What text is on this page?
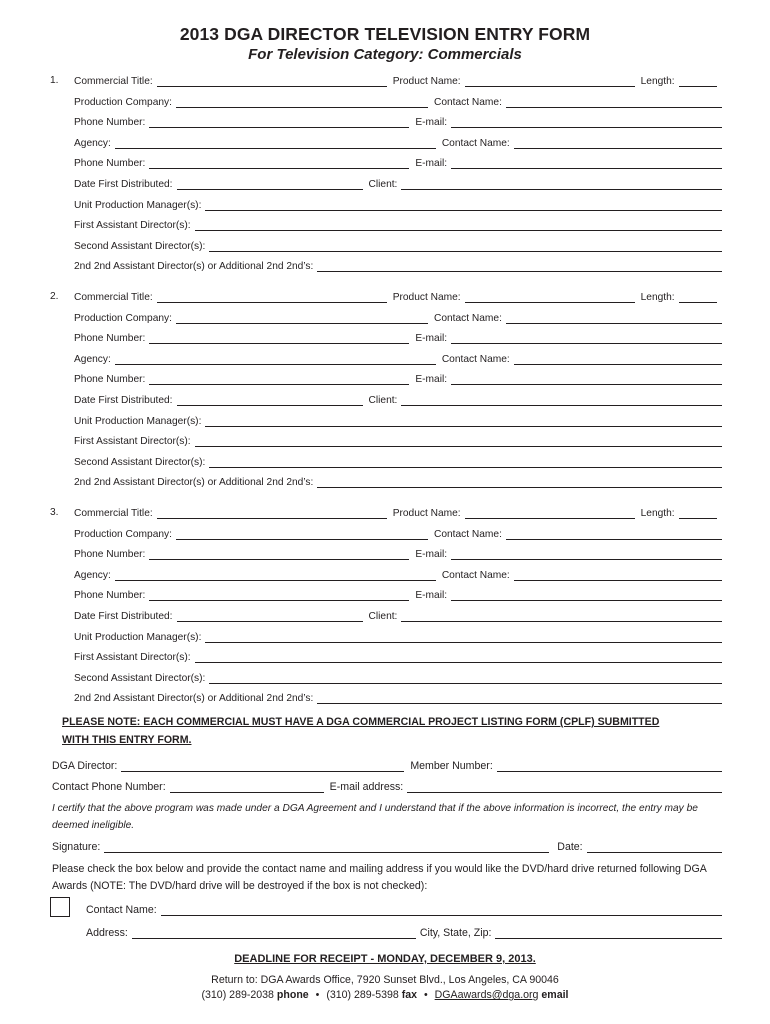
2013 DGA DIRECTOR TELEVISION ENTRY FORM
For Television Category: Commercials
1. Commercial Title:	Product Name:	Length:
Production Company:	Contact Name:
Phone Number:	E-mail:
Agency:	Contact Name:
Phone Number:	E-mail:
Date First Distributed:	Client:
Unit Production Manager(s):
First Assistant Director(s):
Second Assistant Director(s):
2nd 2nd Assistant Director(s) or Additional 2nd 2nd’s:
2. Commercial Title:	Product Name:	Length:
Production Company:	Contact Name:
Phone Number:	E-mail:
Agency:	Contact Name:
Phone Number:	E-mail:
Date First Distributed:	Client:
Unit Production Manager(s):
First Assistant Director(s):
Second Assistant Director(s):
2nd 2nd Assistant Director(s) or Additional 2nd 2nd’s:
3. Commercial Title:	Product Name:	Length:
Production Company:	Contact Name:
Phone Number:	E-mail:
Agency:	Contact Name:
Phone Number:	E-mail:
Date First Distributed:	Client:
Unit Production Manager(s):
First Assistant Director(s):
Second Assistant Director(s):
2nd 2nd Assistant Director(s) or Additional 2nd 2nd’s:
PLEASE NOTE: EACH COMMERCIAL MUST HAVE A DGA COMMERCIAL PROJECT LISTING FORM (CPLF) SUBMITTED
WITH THIS ENTRY FORM.
DGA Director:	Member Number:
Contact Phone Number:	E-mail address:
I certify that the above program was made under a DGA Agreement and I understand that if the above information is incorrect, the entry may be deemed ineligible.
Signature:	Date:
Please check the box below and provide the contact name and mailing address if you would like the DVD/hard drive returned following DGA Awards (NOTE: The DVD/hard drive will be destroyed if the box is not checked):
Contact Name:
Address:	City, State, Zip:
DEADLINE FOR RECEIPT - MONDAY, DECEMBER 9, 2013.
Return to: DGA Awards Office, 7920 Sunset Blvd., Los Angeles, CA 90046
(310) 289-2038 phone • (310) 289-5398 fax • DGAawards@dga.org email
